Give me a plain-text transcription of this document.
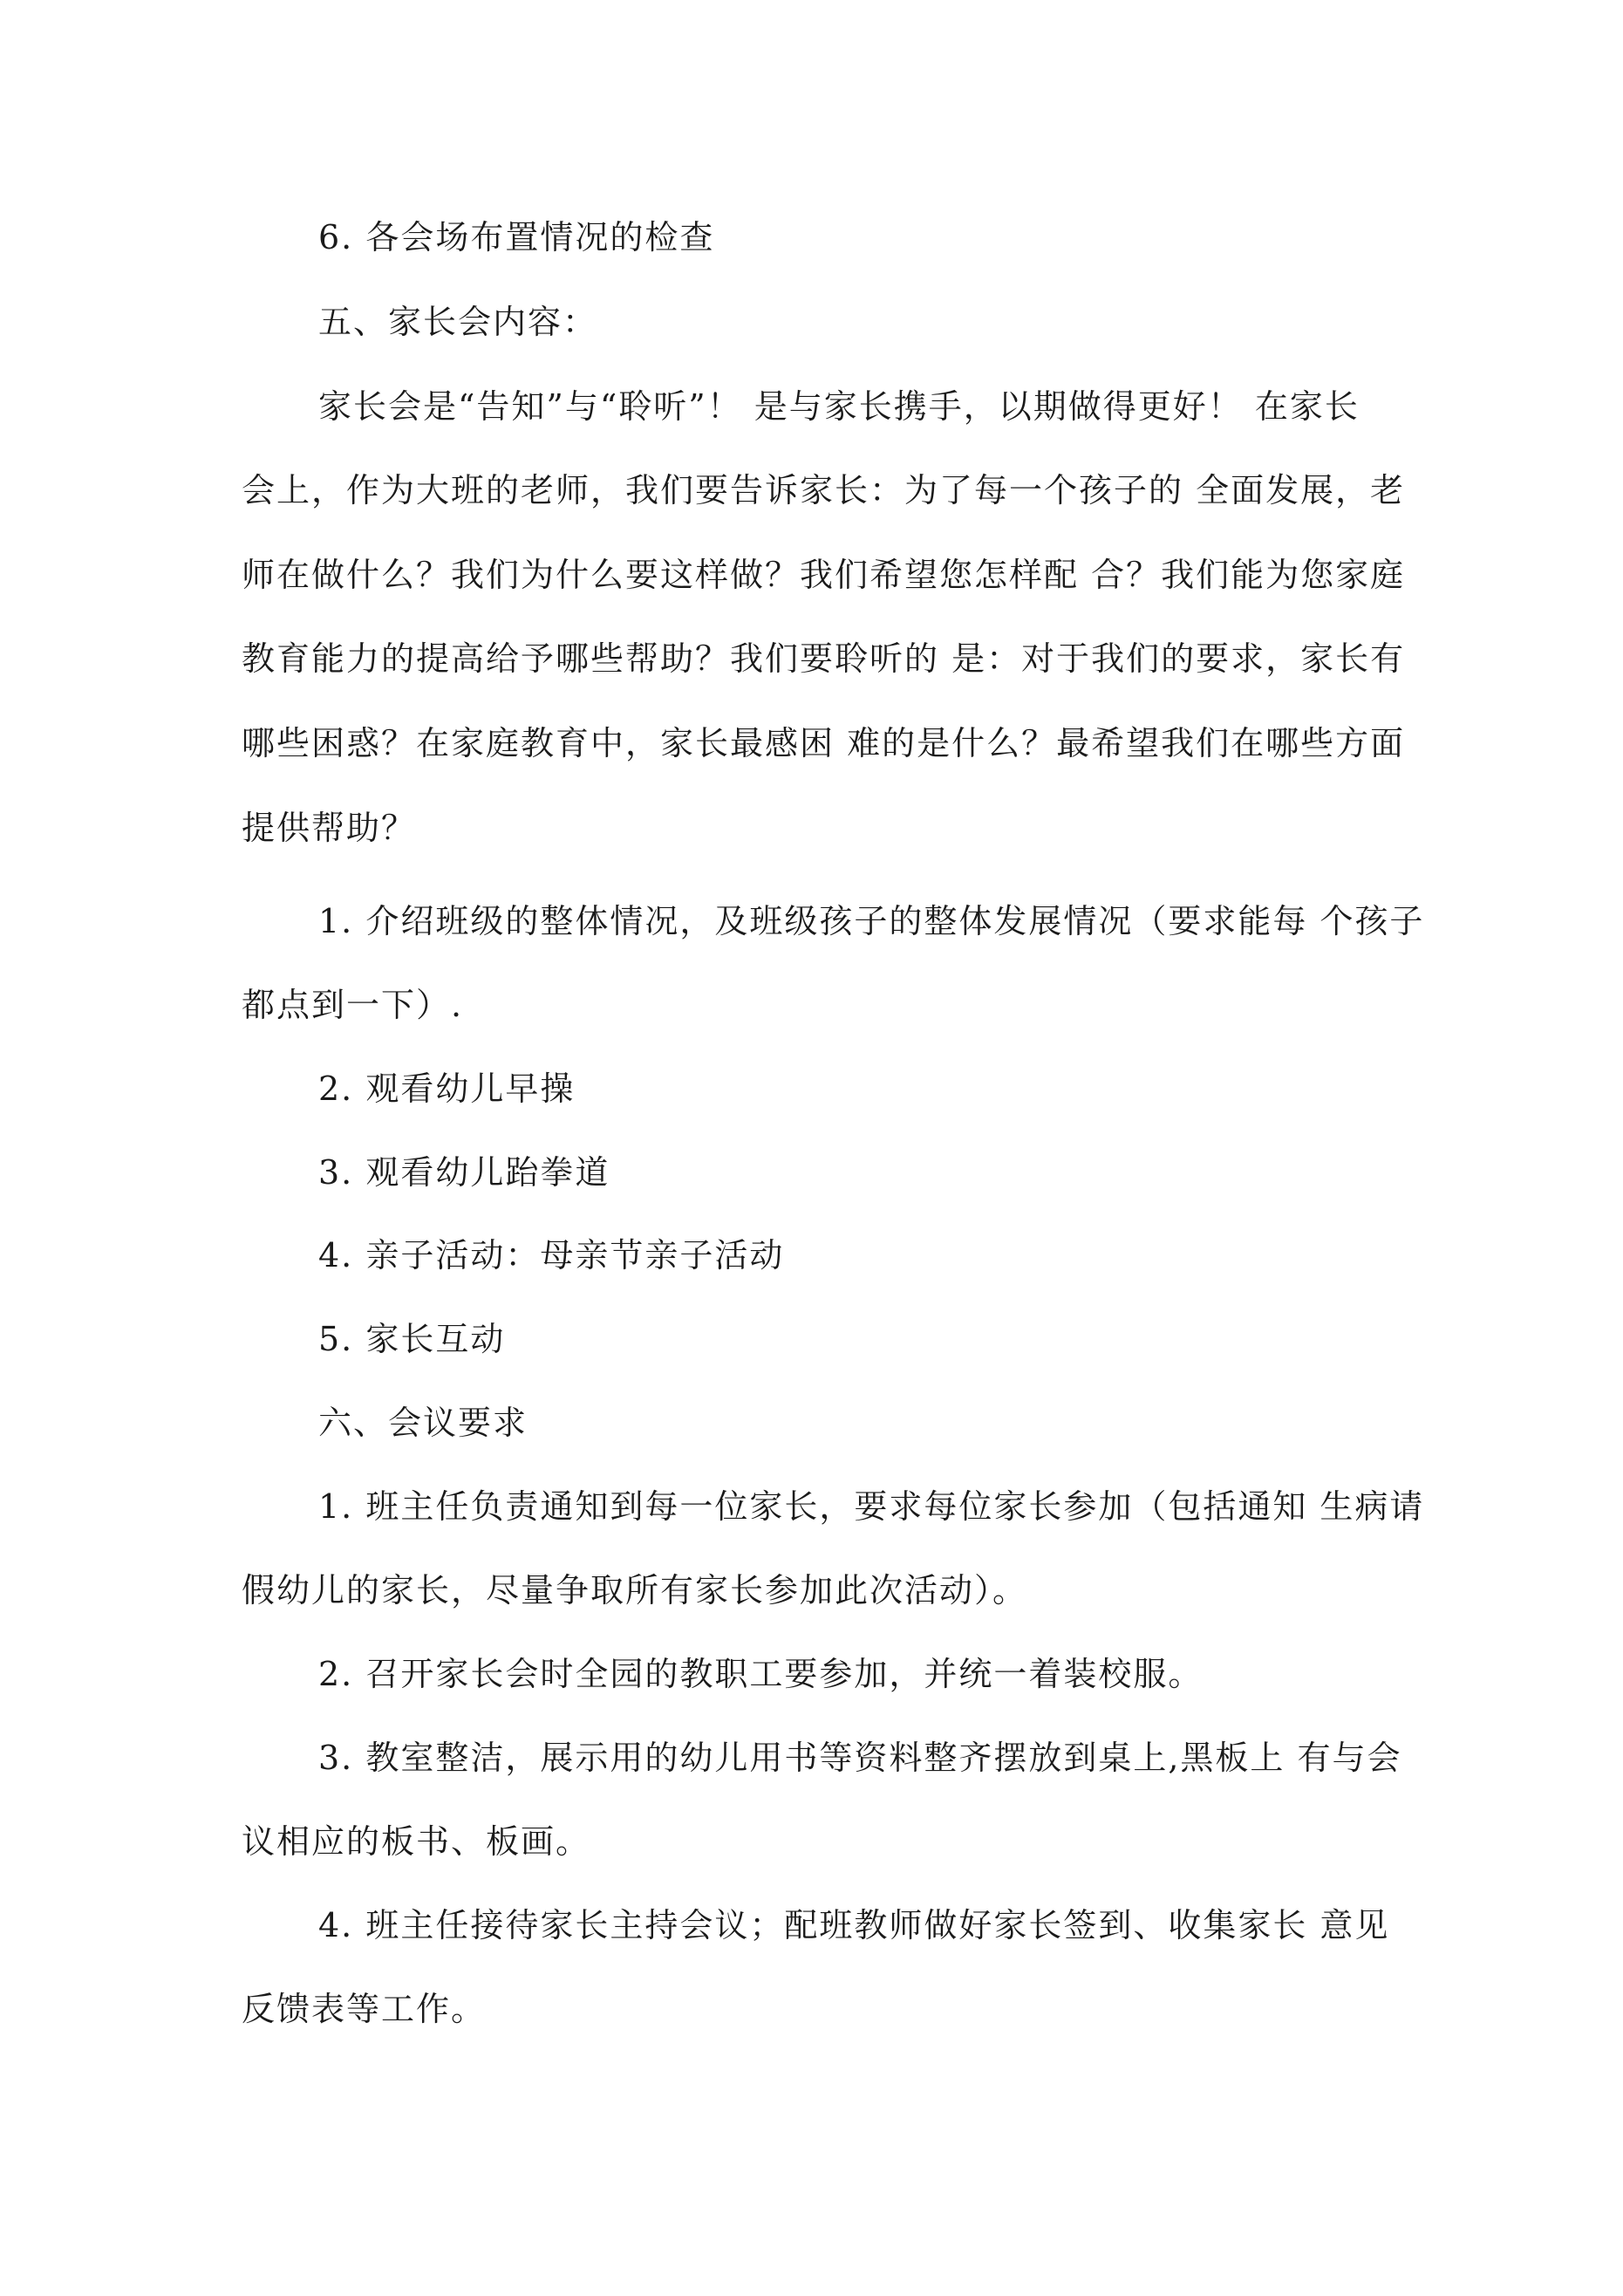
6. 各会场布置情况的检查
五、家长会内容：
家长会是“告知”与“聆听”！ 是与家长携手，以期做得更好！ 在家长
会上，作为大班的老师，我们要告诉家长：为了每一个孩子的 全面发展，老
师在做什么？我们为什么要这样做？我们希望您怎样配 合？我们能为您家庭
教育能力的提高给予哪些帮助？我们要聆听的 是：对于我们的要求，家长有
哪些困惑？在家庭教育中，家长最感困 难的是什么？最希望我们在哪些方面
提供帮助？
1. 介绍班级的整体情况，及班级孩子的整体发展情况（要求能每 个孩子
都点到一下）.
2. 观看幼儿早操
3. 观看幼儿跆拳道
4. 亲子活动：母亲节亲子活动
5. 家长互动
六、会议要求
1. 班主任负责通知到每一位家长，要求每位家长参加（包括通知 生病请
假幼儿的家长，尽量争取所有家长参加此次活动）。
2. 召开家长会时全园的教职工要参加，并统一着装校服。
3. 教室整洁，展示用的幼儿用书等资料整齐摆放到桌上,黑板上 有与会
议相应的板书、板画。
4. 班主任接待家长主持会议；配班教师做好家长签到、收集家长 意见
反馈表等工作。
